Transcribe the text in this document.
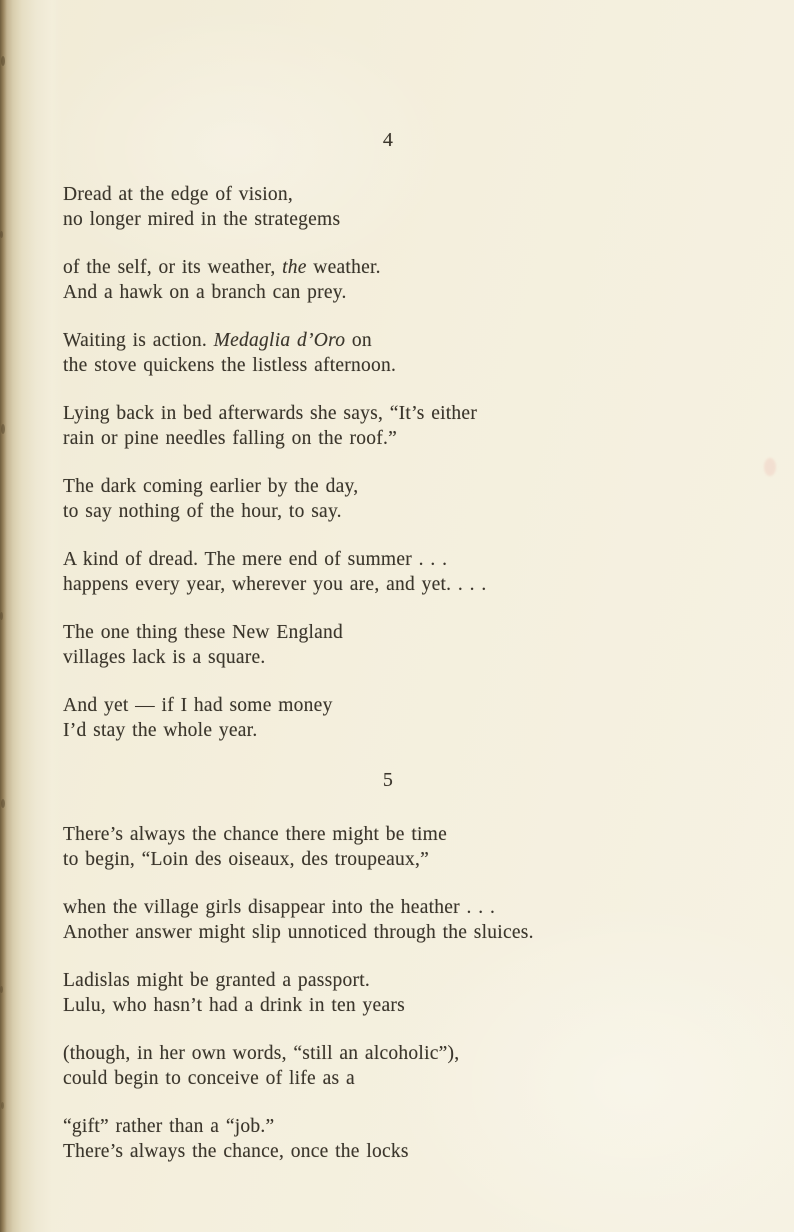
4
Dread at the edge of vision,
no longer mired in the strategems
of the self, or its weather, the weather.
And a hawk on a branch can prey.
Waiting is action. Medaglia d’Oro on
the stove quickens the listless afternoon.
Lying back in bed afterwards she says, “It’s either
rain or pine needles falling on the roof.”
The dark coming earlier by the day,
to say nothing of the hour, to say.
A kind of dread. The mere end of summer . . .
happens every year, wherever you are, and yet. . . .
The one thing these New England
villages lack is a square.
And yet — if I had some money
I’d stay the whole year.
5
There’s always the chance there might be time
to begin, “Loin des oiseaux, des troupeaux,”
when the village girls disappear into the heather . . .
Another answer might slip unnoticed through the sluices.
Ladislas might be granted a passport.
Lulu, who hasn’t had a drink in ten years
(though, in her own words, “still an alcoholic”),
could begin to conceive of life as a
“gift” rather than a “job.”
There’s always the chance, once the locks
